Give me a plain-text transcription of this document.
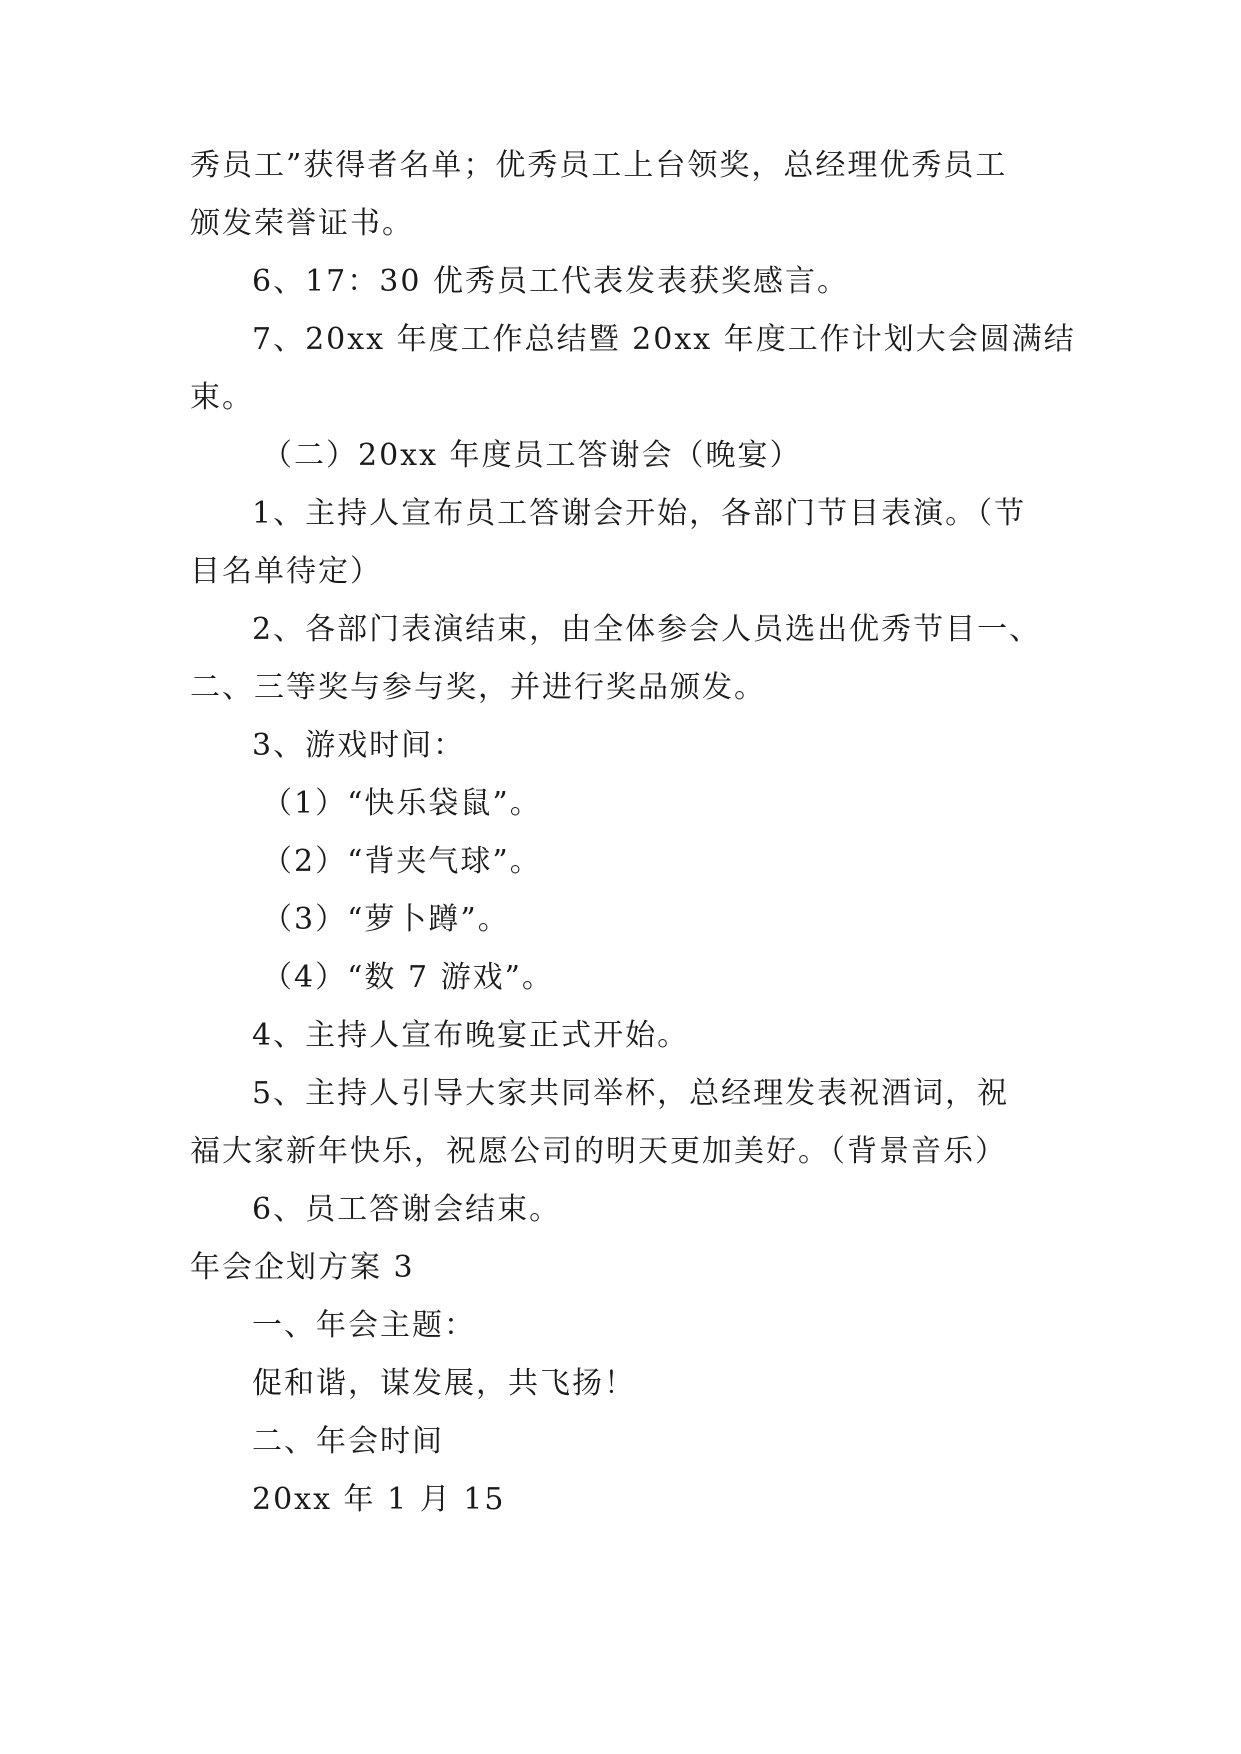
秀员工”获得者名单；优秀员工上台领奖，总经理优秀员工
颁发荣誉证书。
6、17：30 优秀员工代表发表获奖感言。
7、20xx 年度工作总结暨 20xx 年度工作计划大会圆满结
束。
（二）20xx 年度员工答谢会（晚宴）
1、主持人宣布员工答谢会开始，各部门节目表演。（节
目名单待定）
2、各部门表演结束，由全体参会人员选出优秀节目一、
二、三等奖与参与奖，并进行奖品颁发。
3、游戏时间：
（1）“快乐袋鼠”。
（2）“背夹气球”。
（3）“萝卜蹲”。
（4）“数 7 游戏”。
4、主持人宣布晚宴正式开始。
5、主持人引导大家共同举杯，总经理发表祝酒词，祝
福大家新年快乐，祝愿公司的明天更加美好。（背景音乐）
6、员工答谢会结束。
年会企划方案 3
一、年会主题：
促和谐，谋发展，共飞扬！
二、年会时间
20xx 年 1 月 15
